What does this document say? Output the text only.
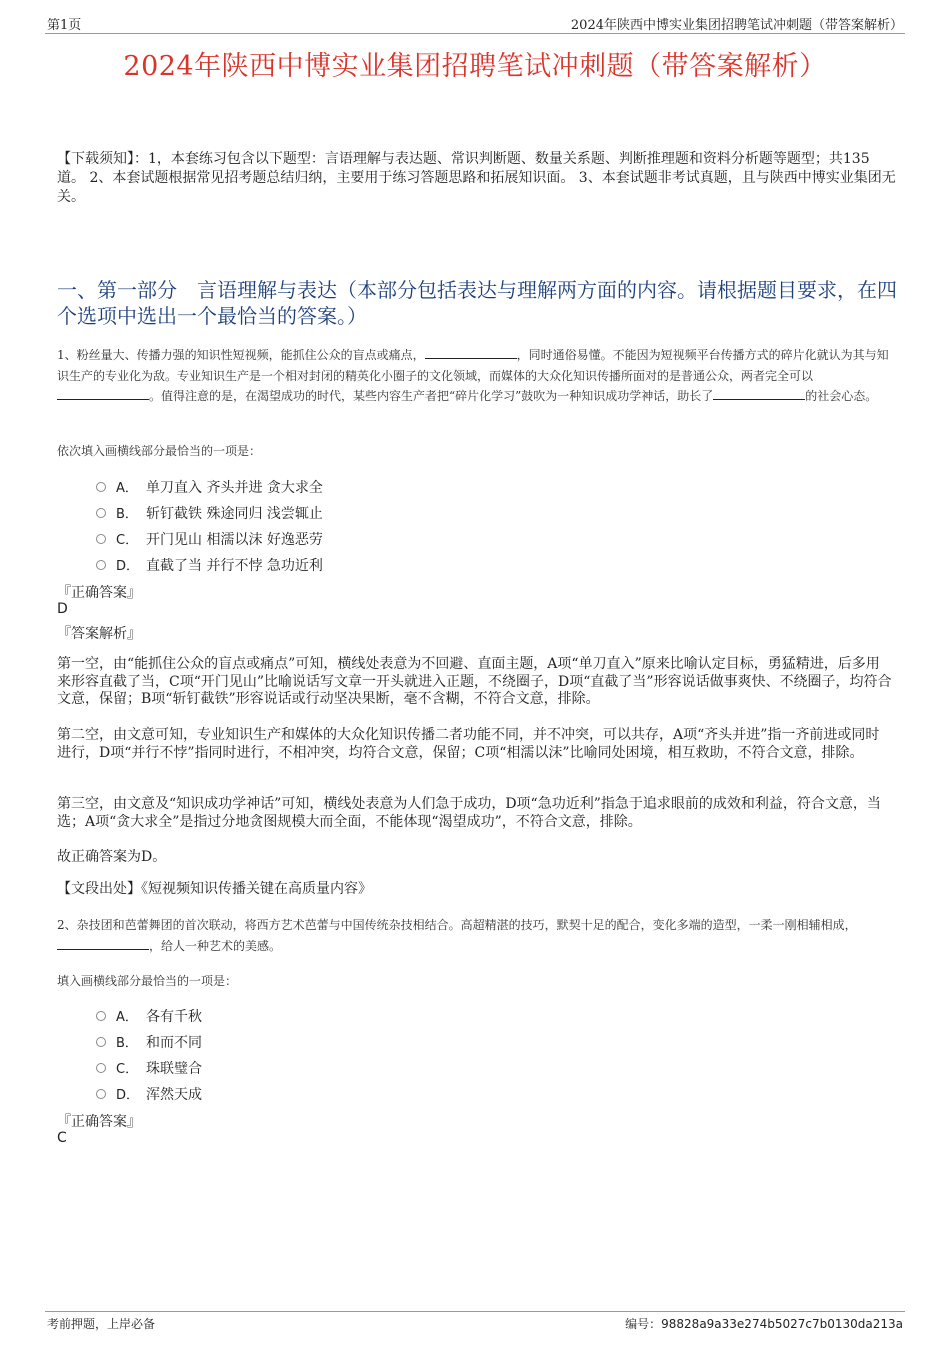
第1页	2024年陕西中博实业集团招聘笔试冲刺题（带答案解析）
2024年陕西中博实业集团招聘笔试冲刺题（带答案解析）
【下载须知】：1，本套练习包含以下题型：言语理解与表达题、常识判断题、数量关系题、判断推理题和资料分析题等题型；共135道。 2、本套试题根据常见招考题总结归纳，主要用于练习答题思路和拓展知识面。 3、本套试题非考试真题，且与陕西中博实业集团无关。
一、第一部分　言语理解与表达（本部分包括表达与理解两方面的内容。请根据题目要求，在四个选项中选出一个最恰当的答案。）
1、粉丝量大、传播力强的知识性短视频，能抓住公众的盲点或痛点，	，同时通俗易懂。不能因为短视频平台传播方式的碎片化就认为其与知识生产的专业化为敌。专业知识生产是一个相对封闭的精英化小圈子的文化领域，而媒体的大众化知识传播所面对的是普通公众，两者完全可以。值得注意的是，在渴望成功的时代，某些内容生产者把“碎片化学习”鼓吹为一种知识成功学神话，助长了	的社会心态。
依次填入画横线部分最恰当的一项是：
A． 单刀直入 齐头并进 贪大求全
B． 斩钉截铁 殊途同归 浅尝辄止
C． 开门见山 相濡以沫 好逸恶劳
D． 直截了当 并行不悖 急功近利
『正确答案』
D
『答案解析』
第一空，由“能抓住公众的盲点或痛点”可知，横线处表意为不回避、直面主题，A项“单刀直入”原来比喻认定目标，勇猛精进，后多用来形容直截了当，C项“开门见山”比喻说话写文章一开头就进入正题，不绕圈子，D项“直截了当”形容说话做事爽快、不绕圈子，均符合文意，保留；B项“斩钉截铁”形容说话或行动坚决果断，毫不含糊，不符合文意，排除。
第二空，由文意可知，专业知识生产和媒体的大众化知识传播二者功能不同，并不冲突，可以共存，A项“齐头并进”指一齐前进或同时进行，D项“并行不悖”指同时进行，不相冲突，均符合文意，保留；C项“相濡以沫”比喻同处困境，相互救助，不符合文意，排除。
第三空，由文意及“知识成功学神话”可知，横线处表意为人们急于成功，D项“急功近利”指急于追求眼前的成效和利益，符合文意，当选；A项“贪大求全”是指过分地贪图规模大而全面，不能体现“渴望成功”，不符合文意，排除。
故正确答案为D。
【文段出处】《短视频知识传播关键在高质量内容》
2、杂技团和芭蕾舞团的首次联动，将西方艺术芭蕾与中国传统杂技相结合。高超精湛的技巧，默契十足的配合，变化多端的造型，一柔一刚相辅相成，，给人一种艺术的美感。
填入画横线部分最恰当的一项是：
A． 各有千秋
B． 和而不同
C． 珠联璧合
D． 浑然天成
『正确答案』
C
考前押题，上岸必备	编号：98828a9a33e274b5027c7b0130da213a
